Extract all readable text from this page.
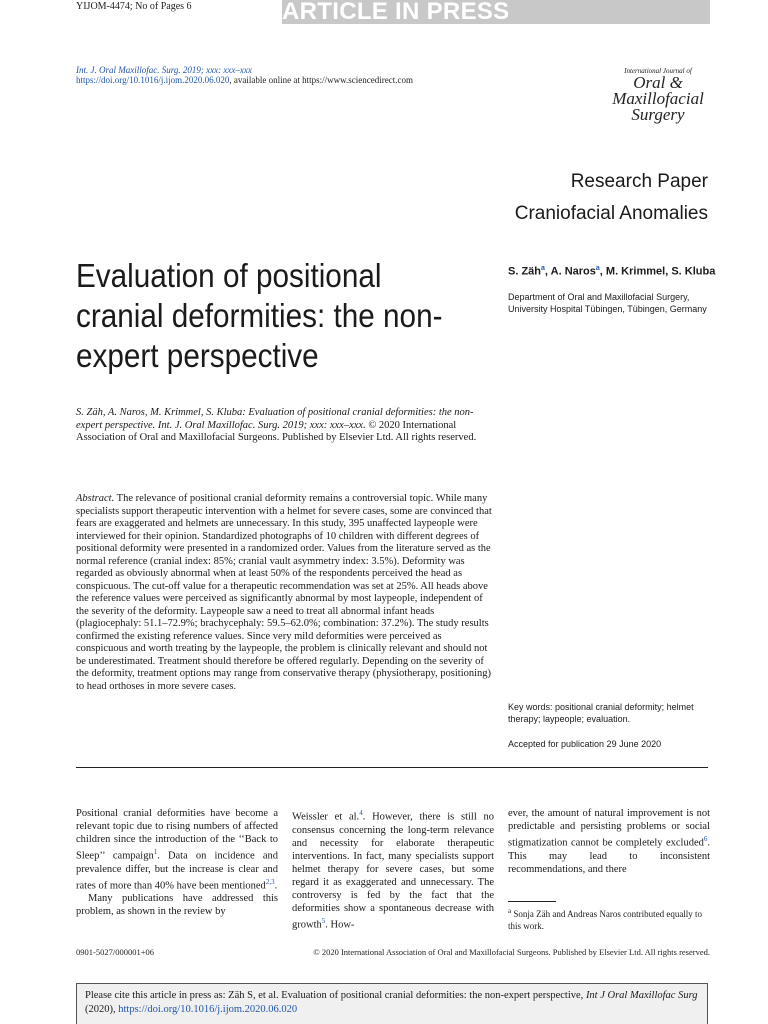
YIJOM-4474; No of Pages 6	ARTICLE IN PRESS
Int. J. Oral Maxillofac. Surg. 2019; xxx: xxx–xxx
https://doi.org/10.1016/j.ijom.2020.06.020, available online at https://www.sciencedirect.com
International Journal of
Oral &
Maxillofacial
Surgery
Research Paper
Craniofacial Anomalies
Evaluation of positional cranial deformities: the non-expert perspective
S. Zäh$^a$, A. Naros$^a$, M. Krimmel, S. Kluba
Department of Oral and Maxillofacial Surgery, University Hospital Tübingen, Tübingen, Germany
S. Zäh, A. Naros, M. Krimmel, S. Kluba: Evaluation of positional cranial deformities: the non-expert perspective. Int. J. Oral Maxillofac. Surg. 2019; xxx: xxx–xxx. © 2020 International Association of Oral and Maxillofacial Surgeons. Published by Elsevier Ltd. All rights reserved.
Abstract. The relevance of positional cranial deformity remains a controversial topic. While many specialists support therapeutic intervention with a helmet for severe cases, some are convinced that fears are exaggerated and helmets are unnecessary. In this study, 395 unaffected laypeople were interviewed for their opinion. Standardized photographs of 10 children with different degrees of positional deformity were presented in a randomized order. Values from the literature served as the normal reference (cranial index: 85%; cranial vault asymmetry index: 3.5%). Deformity was regarded as obviously abnormal when at least 50% of the respondents perceived the head as conspicuous. The cut-off value for a therapeutic recommendation was set at 25%. All heads above the reference values were perceived as significantly abnormal by most laypeople, independent of the severity of the deformity. Laypeople saw a need to treat all abnormal infant heads (plagiocephaly: 51.1–72.9%; brachycephaly: 59.5–62.0%; combination: 37.2%). The study results confirmed the existing reference values. Since very mild deformities were perceived as conspicuous and worth treating by the laypeople, the problem is clinically relevant and should not be underestimated. Treatment should therefore be offered regularly. Depending on the severity of the deformity, treatment options may range from conservative therapy (physiotherapy, positioning) to head orthoses in more severe cases.
Key words: positional cranial deformity; helmet therapy; laypeople; evaluation.
Accepted for publication 29 June 2020
Positional cranial deformities have become a relevant topic due to rising numbers of affected children since the introduction of the ‘‘Back to Sleep’’ campaign$^1$. Data on incidence and prevalence differ, but the increase is clear and rates of more than 40% have been mentioned$^{2,3}$.
Many publications have addressed this problem, as shown in the review by
Weissler et al.$^4$. However, there is still no consensus concerning the long-term relevance and necessity for elaborate therapeutic interventions. In fact, many specialists support helmet therapy for severe cases, but some regard it as exaggerated and unnecessary. The controversy is fed by the fact that the deformities show a spontaneous decrease with growth$^5$. How-
ever, the amount of natural improvement is not predictable and persisting problems or social stigmatization cannot be completely excluded$^6$. This may lead to inconsistent recommendations, and there
$^a$ Sonja Zäh and Andreas Naros contributed equally to this work.
0901-5027/000001+06	© 2020 International Association of Oral and Maxillofacial Surgeons. Published by Elsevier Ltd. All rights reserved.
Please cite this article in press as: Zäh S, et al. Evaluation of positional cranial deformities: the non-expert perspective, Int J Oral Maxillofac Surg (2020), https://doi.org/10.1016/j.ijom.2020.06.020
